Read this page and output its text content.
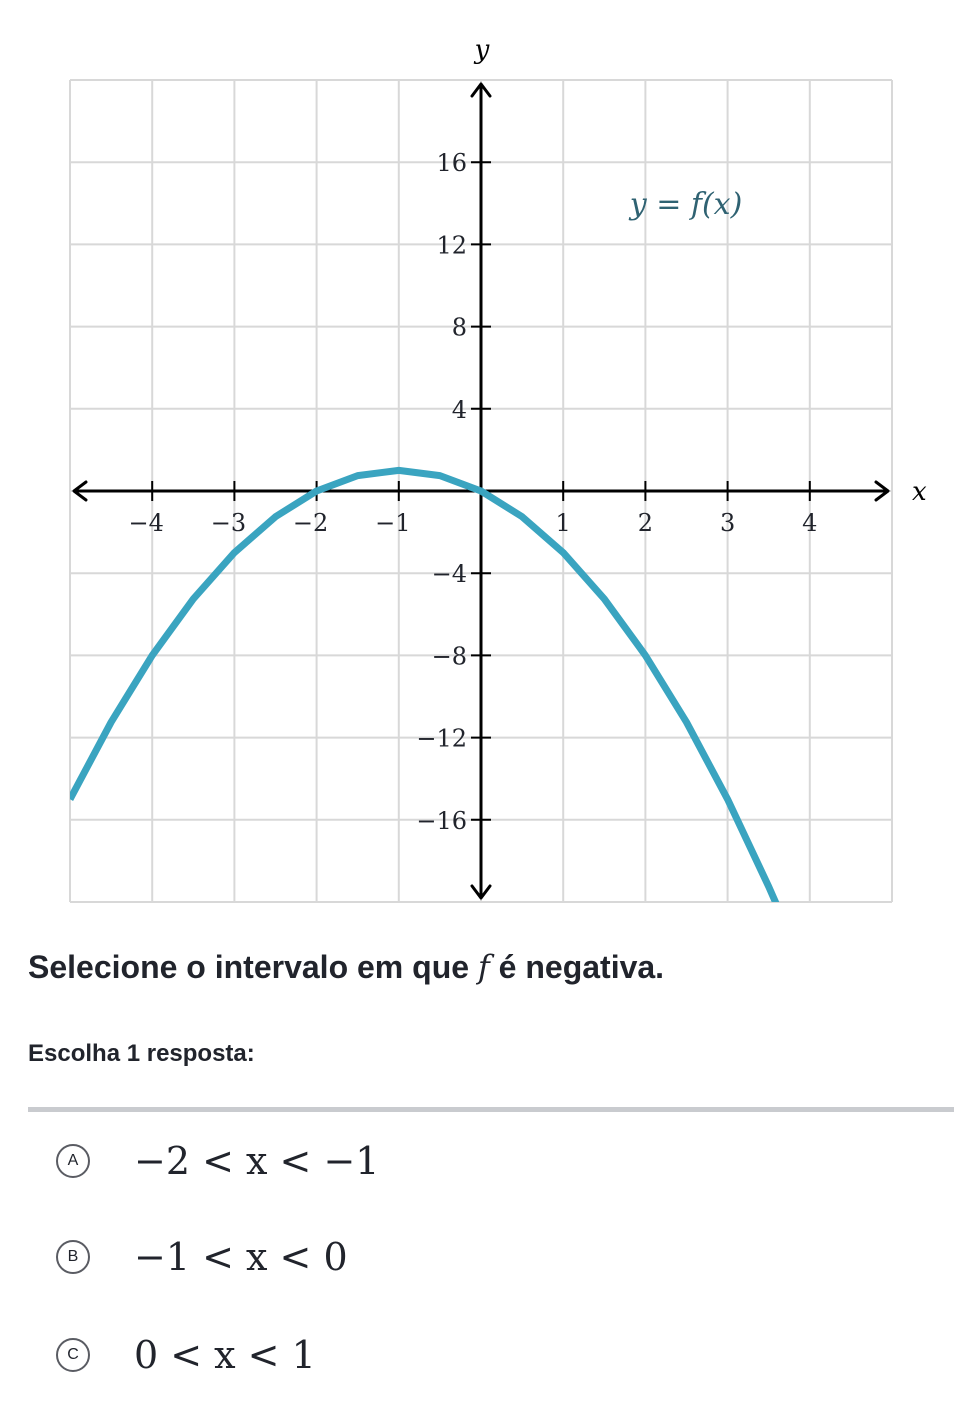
−4 −3 −2 −1	1	2	3	4
16
12
8
4
−4
−8
−12
−16
x
y
y = f(x)
Selecione o intervalo em que f é negativa.
Escolha 1 resposta:
A	−2 < x < −1
B	−1 < x < 0
C 0 < x < 1
